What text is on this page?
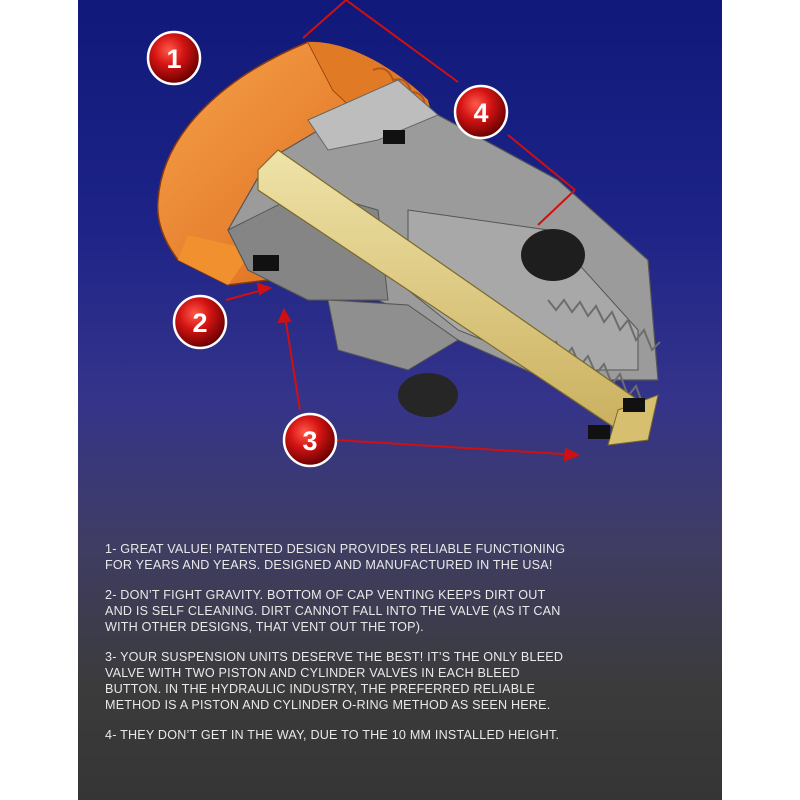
1
2
3
4

1- GREAT VALUE! PATENTED DESIGN PROVIDES RELIABLE FUNCTIONING
FOR YEARS AND YEARS. DESIGNED AND MANUFACTURED IN THE USA!

2- DON’T FIGHT GRAVITY. BOTTOM OF CAP VENTING KEEPS DIRT OUT
AND IS SELF CLEANING. DIRT CANNOT FALL INTO THE VALVE (AS IT CAN
WITH OTHER DESIGNS, THAT VENT OUT THE TOP).

3- YOUR SUSPENSION UNITS DESERVE THE BEST! IT’S THE ONLY BLEED
VALVE WITH TWO PISTON AND CYLINDER VALVES IN EACH BLEED
BUTTON. IN THE HYDRAULIC INDUSTRY, THE PREFERRED RELIABLE
METHOD IS A PISTON AND CYLINDER O-RING METHOD AS SEEN HERE.

4- THEY DON’T GET IN THE WAY, DUE TO THE 10 MM INSTALLED HEIGHT.
